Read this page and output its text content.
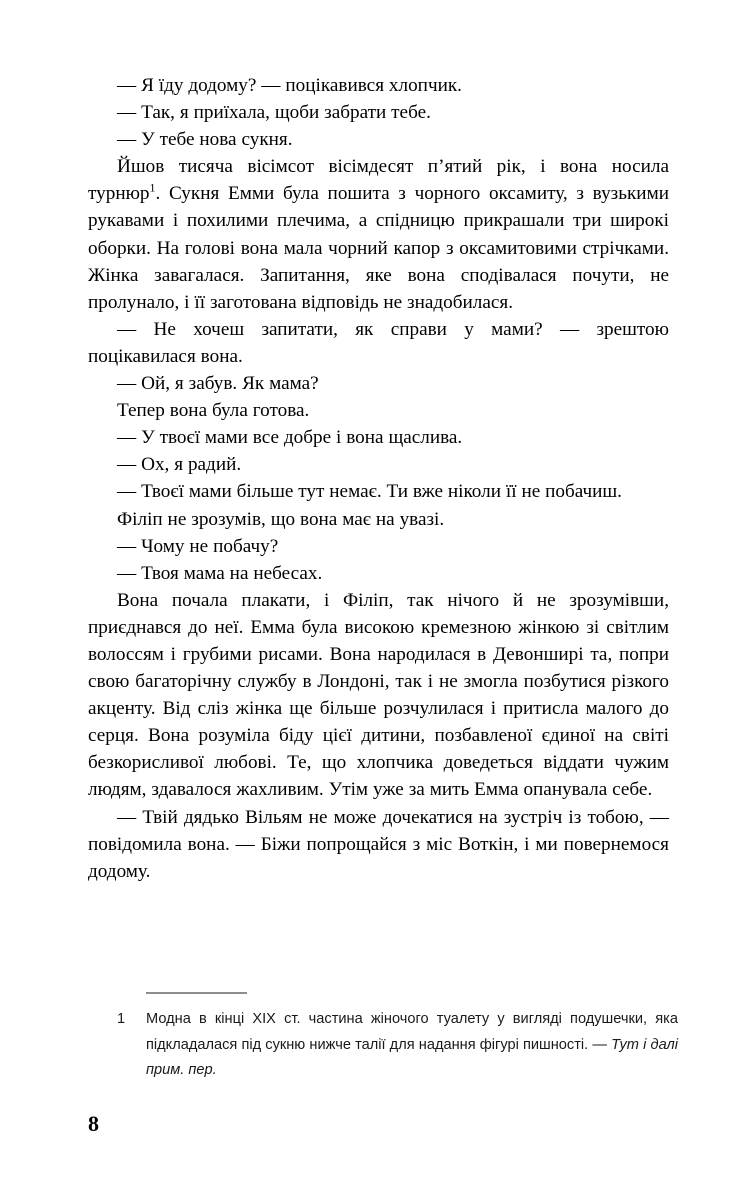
— Я їду додому? — поцікавився хлопчик.

— Так, я приїхала, щоби забрати тебе.

— У тебе нова сукня.

Йшов тисяча вісімсот вісімдесят п’ятий рік, і вона носила турнюр$^1$. Сукня Емми була пошита з чорного оксамиту, з вузькими рукавами і похилими плечима, а спідницю прикрашали три широкі оборки. На голові вона мала чорний капор з оксамитовими стрічками. Жінка завагалася. Запитання, яке вона сподівалася почути, не пролунало, і її заготована відповідь не знадобилася.

— Не хочеш запитати, як справи у мами? — зрештою поцікавилася вона.

— Ой, я забув. Як мама?

Тепер вона була готова.

— У твоєї мами все добре і вона щаслива.

— Ох, я радий.

— Твоєї мами більше тут немає. Ти вже ніколи її не побачиш.

Філіп не зрозумів, що вона має на увазі.

— Чому не побачу?

— Твоя мама на небесах.

Вона почала плакати, і Філіп, так нічого й не зрозумівши, приєднався до неї. Емма була високою кремезною жінкою зі світлим волоссям і грубими рисами. Вона народилася в Девонширі та, попри свою багаторічну службу в Лондоні, так і не змогла позбутися різкого акценту. Від сліз жінка ще більше розчулилася і притисла малого до серця. Вона розуміла біду цієї дитини, позбавленої єдиної на світі безкорисливої любові. Те, що хлопчика доведеться віддати чужим людям, здавалося жахливим. Утім уже за мить Емма опанувала себе.

— Твій дядько Вільям не може дочекатися на зустріч із тобою, — повідомила вона. — Біжи попрощайся з міс Воткін, і ми повернемося додому.

1	Модна в кінці XIX ст. частина жіночого туалету у вигляді подушечки, яка підкладалася під сукню нижче талії для надання фігурі пишності. — Тут і далі прим. пер.
8
